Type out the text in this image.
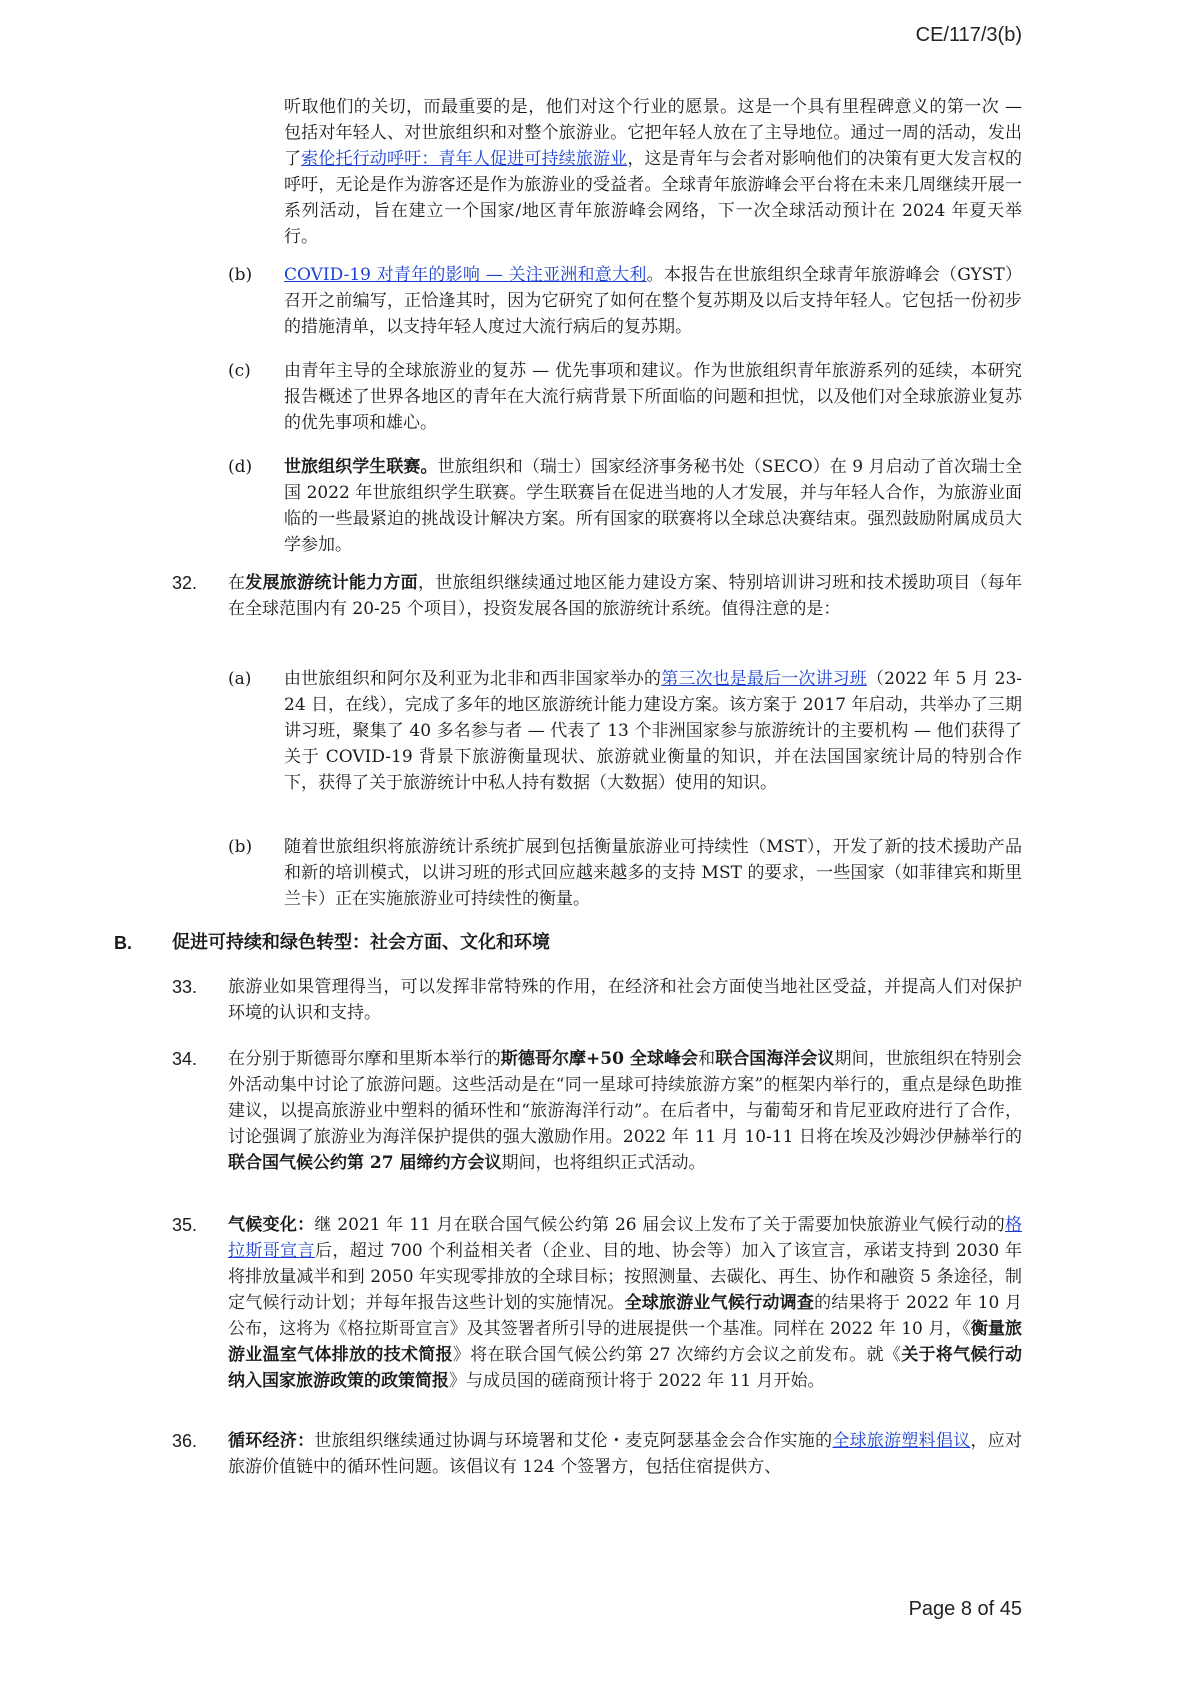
CE/117/3(b)

听取他们的关切，而最重要的是，他们对这个行业的愿景。这是一个具有里程碑意义的第一次 — 包括对年轻人、对世旅组织和对整个旅游业。它把年轻人放在了主导地位。通过一周的活动，发出了索伦托行动呼吁：青年人促进可持续旅游业，这是青年与会者对影响他们的决策有更大发言权的呼吁，无论是作为游客还是作为旅游业的受益者。全球青年旅游峰会平台将在未来几周继续开展一系列活动，旨在建立一个国家/地区青年旅游峰会网络，下一次全球活动预计在 2024 年夏天举行。

(b) COVID-19 对青年的影响 — 关注亚洲和意大利。本报告在世旅组织全球青年旅游峰会（GYST）召开之前编写，正恰逢其时，因为它研究了如何在整个复苏期及以后支持年轻人。它包括一份初步的措施清单，以支持年轻人度过大流行病后的复苏期。

(c) 由青年主导的全球旅游业的复苏 — 优先事项和建议。作为世旅组织青年旅游系列的延续，本研究报告概述了世界各地区的青年在大流行病背景下所面临的问题和担忧，以及他们对全球旅游业复苏的优先事项和雄心。

(d) 世旅组织学生联赛。世旅组织和（瑞士）国家经济事务秘书处（SECO）在 9 月启动了首次瑞士全国 2022 年世旅组织学生联赛。学生联赛旨在促进当地的人才发展，并与年轻人合作，为旅游业面临的一些最紧迫的挑战设计解决方案。所有国家的联赛将以全球总决赛结束。强烈鼓励附属成员大学参加。

32. 在发展旅游统计能力方面，世旅组织继续通过地区能力建设方案、特别培训讲习班和技术援助项目（每年在全球范围内有 20-25 个项目），投资发展各国的旅游统计系统。值得注意的是：

(a) 由世旅组织和阿尔及利亚为北非和西非国家举办的第三次也是最后一次讲习班（2022 年 5 月 23-24 日，在线），完成了多年的地区旅游统计能力建设方案。该方案于 2017 年启动，共举办了三期讲习班，聚集了 40 多名参与者 — 代表了 13 个非洲国家参与旅游统计的主要机构 — 他们获得了关于 COVID-19 背景下旅游衡量现状、旅游就业衡量的知识，并在法国国家统计局的特别合作下，获得了关于旅游统计中私人持有数据（大数据）使用的知识。

(b) 随着世旅组织将旅游统计系统扩展到包括衡量旅游业可持续性（MST），开发了新的技术援助产品和新的培训模式，以讲习班的形式回应越来越多的支持 MST 的要求，一些国家（如菲律宾和斯里兰卡）正在实施旅游业可持续性的衡量。

B. 促进可持续和绿色转型：社会方面、文化和环境
33. 旅游业如果管理得当，可以发挥非常特殊的作用，在经济和社会方面使当地社区受益，并提高人们对保护环境的认识和支持。

34. 在分别于斯德哥尔摩和里斯本举行的斯德哥尔摩+50 全球峰会和联合国海洋会议期间，世旅组织在特别会外活动集中讨论了旅游问题。这些活动是在“同一星球可持续旅游方案”的框架内举行的，重点是绿色助推建议，以提高旅游业中塑料的循环性和“旅游海洋行动”。在后者中，与葡萄牙和肯尼亚政府进行了合作，讨论强调了旅游业为海洋保护提供的强大激励作用。2022 年 11 月 10-11 日将在埃及沙姆沙伊赫举行的联合国气候公约第 27 届缔约方会议期间，也将组织正式活动。

35. 气候变化：继 2021 年 11 月在联合国气候公约第 26 届会议上发布了关于需要加快旅游业气候行动的格拉斯哥宣言后，超过 700 个利益相关者（企业、目的地、协会等）加入了该宣言，承诺支持到 2030 年将排放量减半和到 2050 年实现零排放的全球目标；按照测量、去碳化、再生、协作和融资 5 条途径，制定气候行动计划；并每年报告这些计划的实施情况。全球旅游业气候行动调查的结果将于 2022 年 10 月公布，这将为《格拉斯哥宣言》及其签署者所引导的进展提供一个基准。同样在 2022 年 10 月，《衡量旅游业温室气体排放的技术简报》将在联合国气候公约第 27 次缔约方会议之前发布。就《关于将气候行动纳入国家旅游政策的政策简报》与成员国的磋商预计将于 2022 年 11 月开始。

36. 循环经济：世旅组织继续通过协调与环境署和艾伦・麦克阿瑟基金会合作实施的全球旅游塑料倡议，应对旅游价值链中的循环性问题。该倡议有 124 个签署方，包括住宿提供方、

Page 8 of 45
